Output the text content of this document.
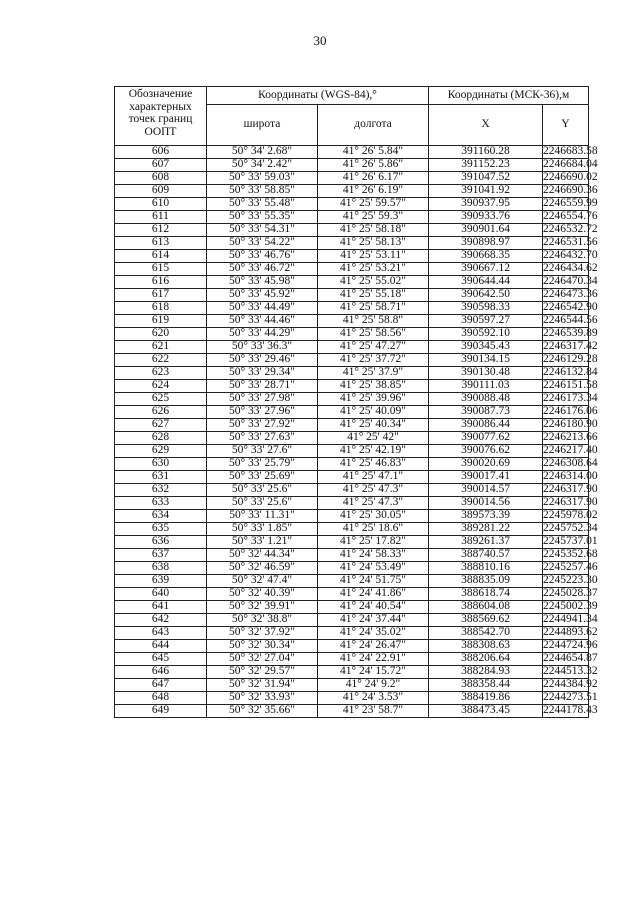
30
Обозначение характерных точек границ ООПТ	Координаты (WGS-84),°		Координаты (МСК-36),м	
	широта	долгота	X	Y
606	50° 34' 2.68"	41° 26' 5.84"	391160.28	2246683.58
607	50° 34' 2.42"	41° 26' 5.86"	391152.23	2246684.04
608	50° 33' 59.03"	41° 26' 6.17"	391047.52	2246690.02
609	50° 33' 58.85"	41° 26' 6.19"	391041.92	2246690.36
610	50° 33' 55.48"	41° 25' 59.57"	390937.95	2246559.99
611	50° 33' 55.35"	41° 25' 59.3"	390933.76	2246554.76
612	50° 33' 54.31"	41° 25' 58.18"	390901.64	2246532.72
613	50° 33' 54.22"	41° 25' 58.13"	390898.97	2246531.56
614	50° 33' 46.76"	41° 25' 53.11"	390668.35	2246432.70
615	50° 33' 46.72"	41° 25' 53.21"	390667.12	2246434.62
616	50° 33' 45.98"	41° 25' 55.02"	390644.44	2246470.34
617	50° 33' 45.92"	41° 25' 55.18"	390642.50	2246473.36
618	50° 33' 44.49"	41° 25' 58.71"	390598.33	2246542.90
619	50° 33' 44.46"	41° 25' 58.8"	390597.27	2246544.56
620	50° 33' 44.29"	41° 25' 58.56"	390592.10	2246539.89
621	50° 33' 36.3"	41° 25' 47.27"	390345.43	2246317.42
622	50° 33' 29.46"	41° 25' 37.72"	390134.15	2246129.28
623	50° 33' 29.34"	41° 25' 37.9"	390130.48	2246132.84
624	50° 33' 28.71"	41° 25' 38.85"	390111.03	2246151.58
625	50° 33' 27.98"	41° 25' 39.96"	390088.48	2246173.34
626	50° 33' 27.96"	41° 25' 40.09"	390087.73	2246176.06
627	50° 33' 27.92"	41° 25' 40.34"	390086.44	2246180.90
628	50° 33' 27.63"	41° 25' 42"	390077.62	2246213.66
629	50° 33' 27.6"	41° 25' 42.19"	390076.62	2246217.40
630	50° 33' 25.79"	41° 25' 46.83"	390020.69	2246308.64
631	50° 33' 25.69"	41° 25' 47.1"	390017.41	2246314.00
632	50° 33' 25.6"	41° 25' 47.3"	390014.57	2246317.90
633	50° 33' 25.6"	41° 25' 47.3"	390014.56	2246317.90
634	50° 33' 11.31"	41° 25' 30.05"	389573.39	2245978.02
635	50° 33' 1.85"	41° 25' 18.6"	389281.22	2245752.34
636	50° 33' 1.21"	41° 25' 17.82"	389261.37	2245737.01
637	50° 32' 44.34"	41° 24' 58.33"	388740.57	2245352.68
638	50° 32' 46.59"	41° 24' 53.49"	388810.16	2245257.46
639	50° 32' 47.4"	41° 24' 51.75"	388835.09	2245223.30
640	50° 32' 40.39"	41° 24' 41.86"	388618.74	2245028.37
641	50° 32' 39.91"	41° 24' 40.54"	388604.08	2245002.39
642	50° 32' 38.8"	41° 24' 37.44"	388569.62	2244941.34
643	50° 32' 37.92"	41° 24' 35.02"	388542.70	2244893.62
644	50° 32' 30.34"	41° 24' 26.47"	388308.63	2244724.96
645	50° 32' 27.04"	41° 24' 22.91"	388206.64	2244654.87
646	50° 32' 29.57"	41° 24' 15.72"	388284.93	2244513.32
647	50° 32' 31.94"	41° 24' 9.2"	388358.44	2244384.92
648	50° 32' 33.93"	41° 24' 3.53"	388419.86	2244273.51
649	50° 32' 35.66"	41° 23' 58.7"	388473.45	2244178.43
